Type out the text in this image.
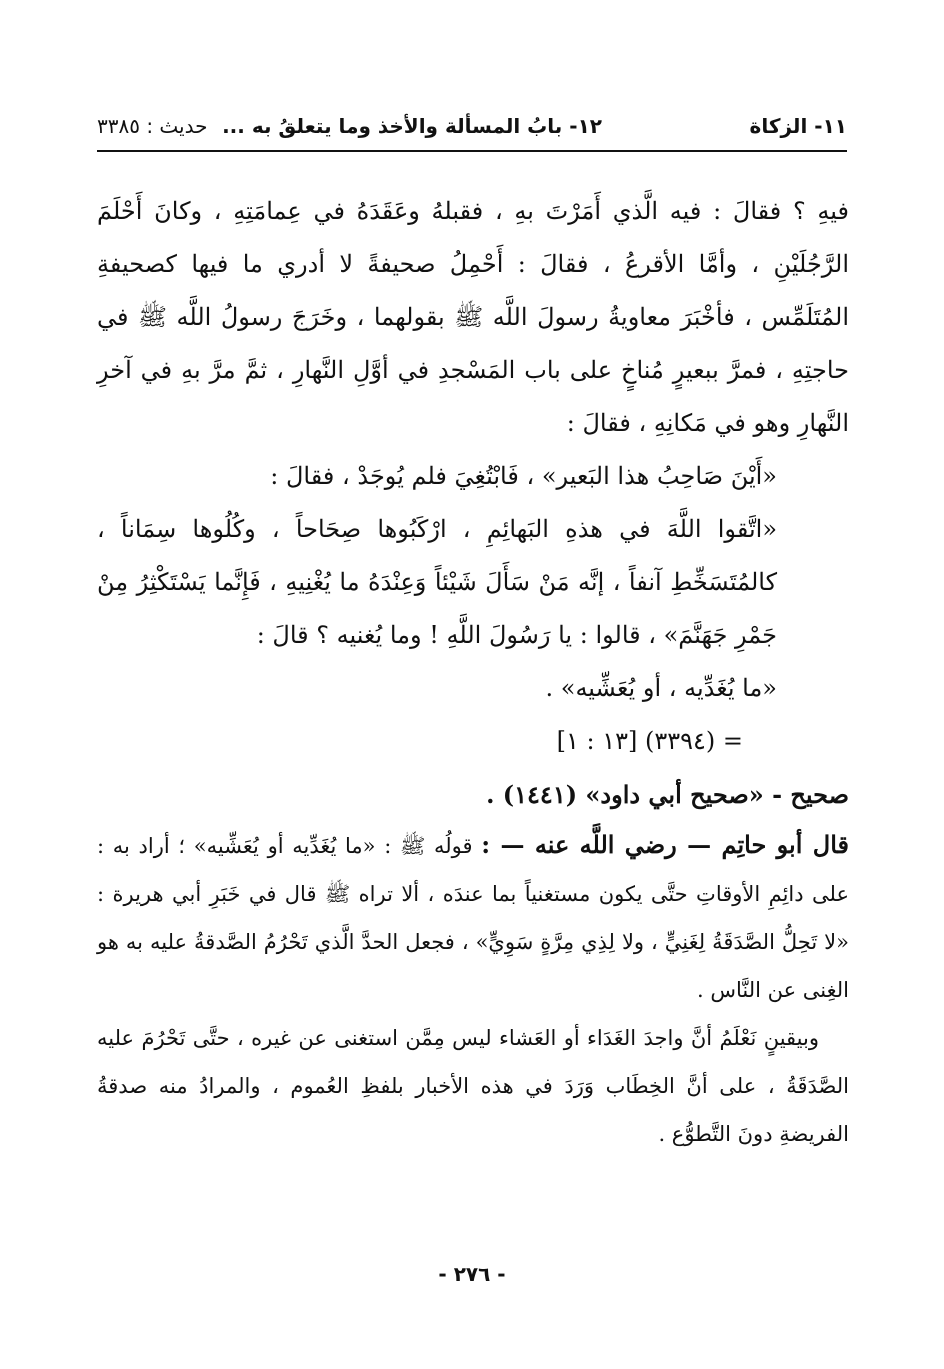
١١- الزكاة
١٢- بابُ المسألة والأخذ وما يتعلقُ به ...
حديث : ٣٣٨٥

فيهِ ؟ فقالَ : فيه الَّذي أَمَرْتَ بهِ ، فقبلهُ وعَقَدَهُ في عِمامَتِهِ ، وكانَ أَحْلَمَ الرَّجُلَيْنِ ، وأمَّا الأقرعُ ، فقالَ : أَحْمِلُ صحيفةً لا أدري ما فيها كصحيفةِ المُتَلَمِّس ، فأخْبَرَ معاويةُ رسولَ اللَّه ﷺ بقولهما ، وخَرَجَ رسولُ اللَّه ﷺ في حاجتِهِ ، فمرَّ ببعيرٍ مُناخٍ على باب المَسْجدِ في أوَّلِ النَّهارِ ، ثمَّ مرَّ بهِ في آخرِ النَّهارِ وهو في مَكانِهِ ، فقالَ :

«أَيْنَ صَاحِبُ هذا البَعير» ، فَابْتُغِيَ فلم يُوجَدْ ، فقالَ :

«اتَّقوا اللَّهَ في هذهِ البَهائِمِ ، ارْكَبُوها صِحَاحاً ، وكُلُوها سِمَاناً ، كالمُتَسَخِّطِ آنفاً ، إنَّه مَنْ سَأَلَ شَيْئاً وَعِنْدَهُ ما يُغْنِيهِ ، فَإِنَّما يَسْتَكْثِرُ مِنْ جَمْرِ جَهَنَّمَ» ، قالوا : يا رَسُولَ اللَّهِ ! وما يُغنيه ؟ قالَ :

«ما يُغَدِّيه ، أو يُعَشِّيه» .

= (٣٣٩٤) [١٣ : ١]

صحيح - «صحيح أبي داود» (١٤٤١) .

قال أبو حاتِم — رضي اللَّه عنه — : قولُه ﷺ : «ما يُغَدِّيه أو يُعَشِّيه» ؛ أراد به : على دائِمِ الأوقاتِ حتَّى يكون مستغنياً بما عندَه ، ألا تراه ﷺ قال في خَبَرِ أبي هريرة : «لا تَحِلُّ الصَّدَقَةُ لِغَنِيٍّ ، ولا لِذِي مِرَّةٍ سَوِيٍّ» ، فجعل الحدَّ الَّذي تَحْرُمُ الصَّدقةُ عليه به هو الغِنى عن النَّاس .

وبيقينٍ نَعْلَمُ أنَّ واجدَ الغَدَاء أو العَشاء ليس مِمَّن استغنى عن غيره ، حتَّى تَحْرُمَ عليه الصَّدَقَةُ ، على أنَّ الخِطَاب وَرَدَ في هذه الأخبار بلفظِ العُموم ، والمرادُ منه صدقةُ الفريضةِ دونَ التَّطوُّع .

- ٢٧٦ -
